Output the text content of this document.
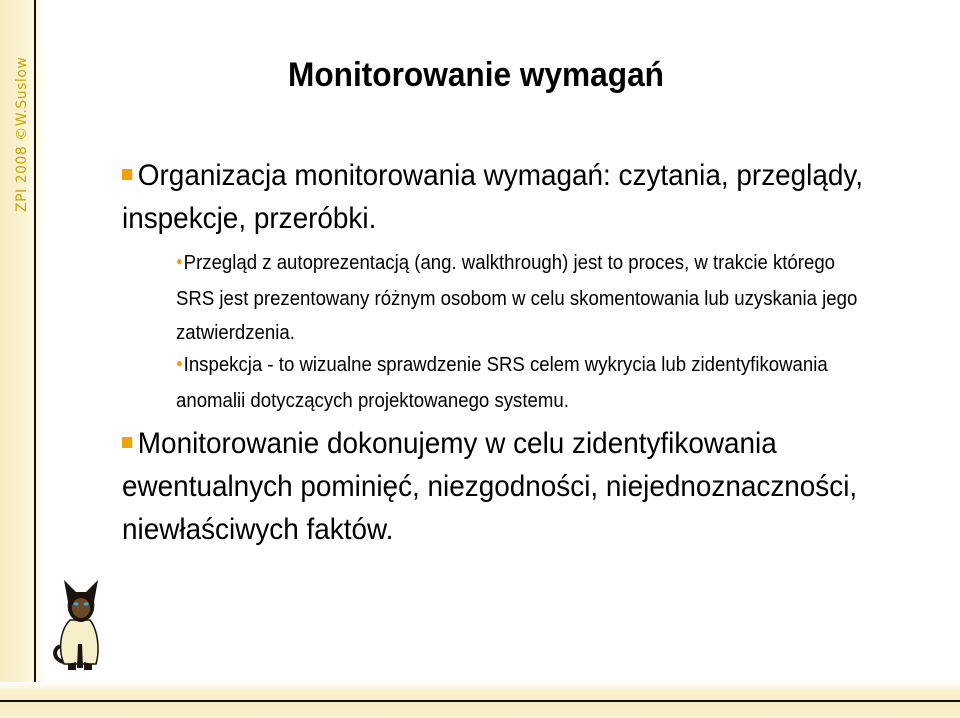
ZPI 2008 ©W.Suslow	Monitorowanie wymagań
Organizacja monitorowania wymagań: czytania, przeglądy, inspekcje, przeróbki.
●Przegląd z autoprezentacją (ang. walkthrough) jest to proces, w trakcie którego SRS jest prezentowany różnym osobom w celu skomentowania lub uzyskania jego zatwierdzenia.
●Inspekcja - to wizualne sprawdzenie SRS celem wykrycia lub zidentyfikowania anomalii dotyczących projektowanego systemu.
Monitorowanie dokonujemy w celu zidentyfikowania ewentualnych pominięć, niezgodności, niejednoznaczności, niewłaściwych faktów.
